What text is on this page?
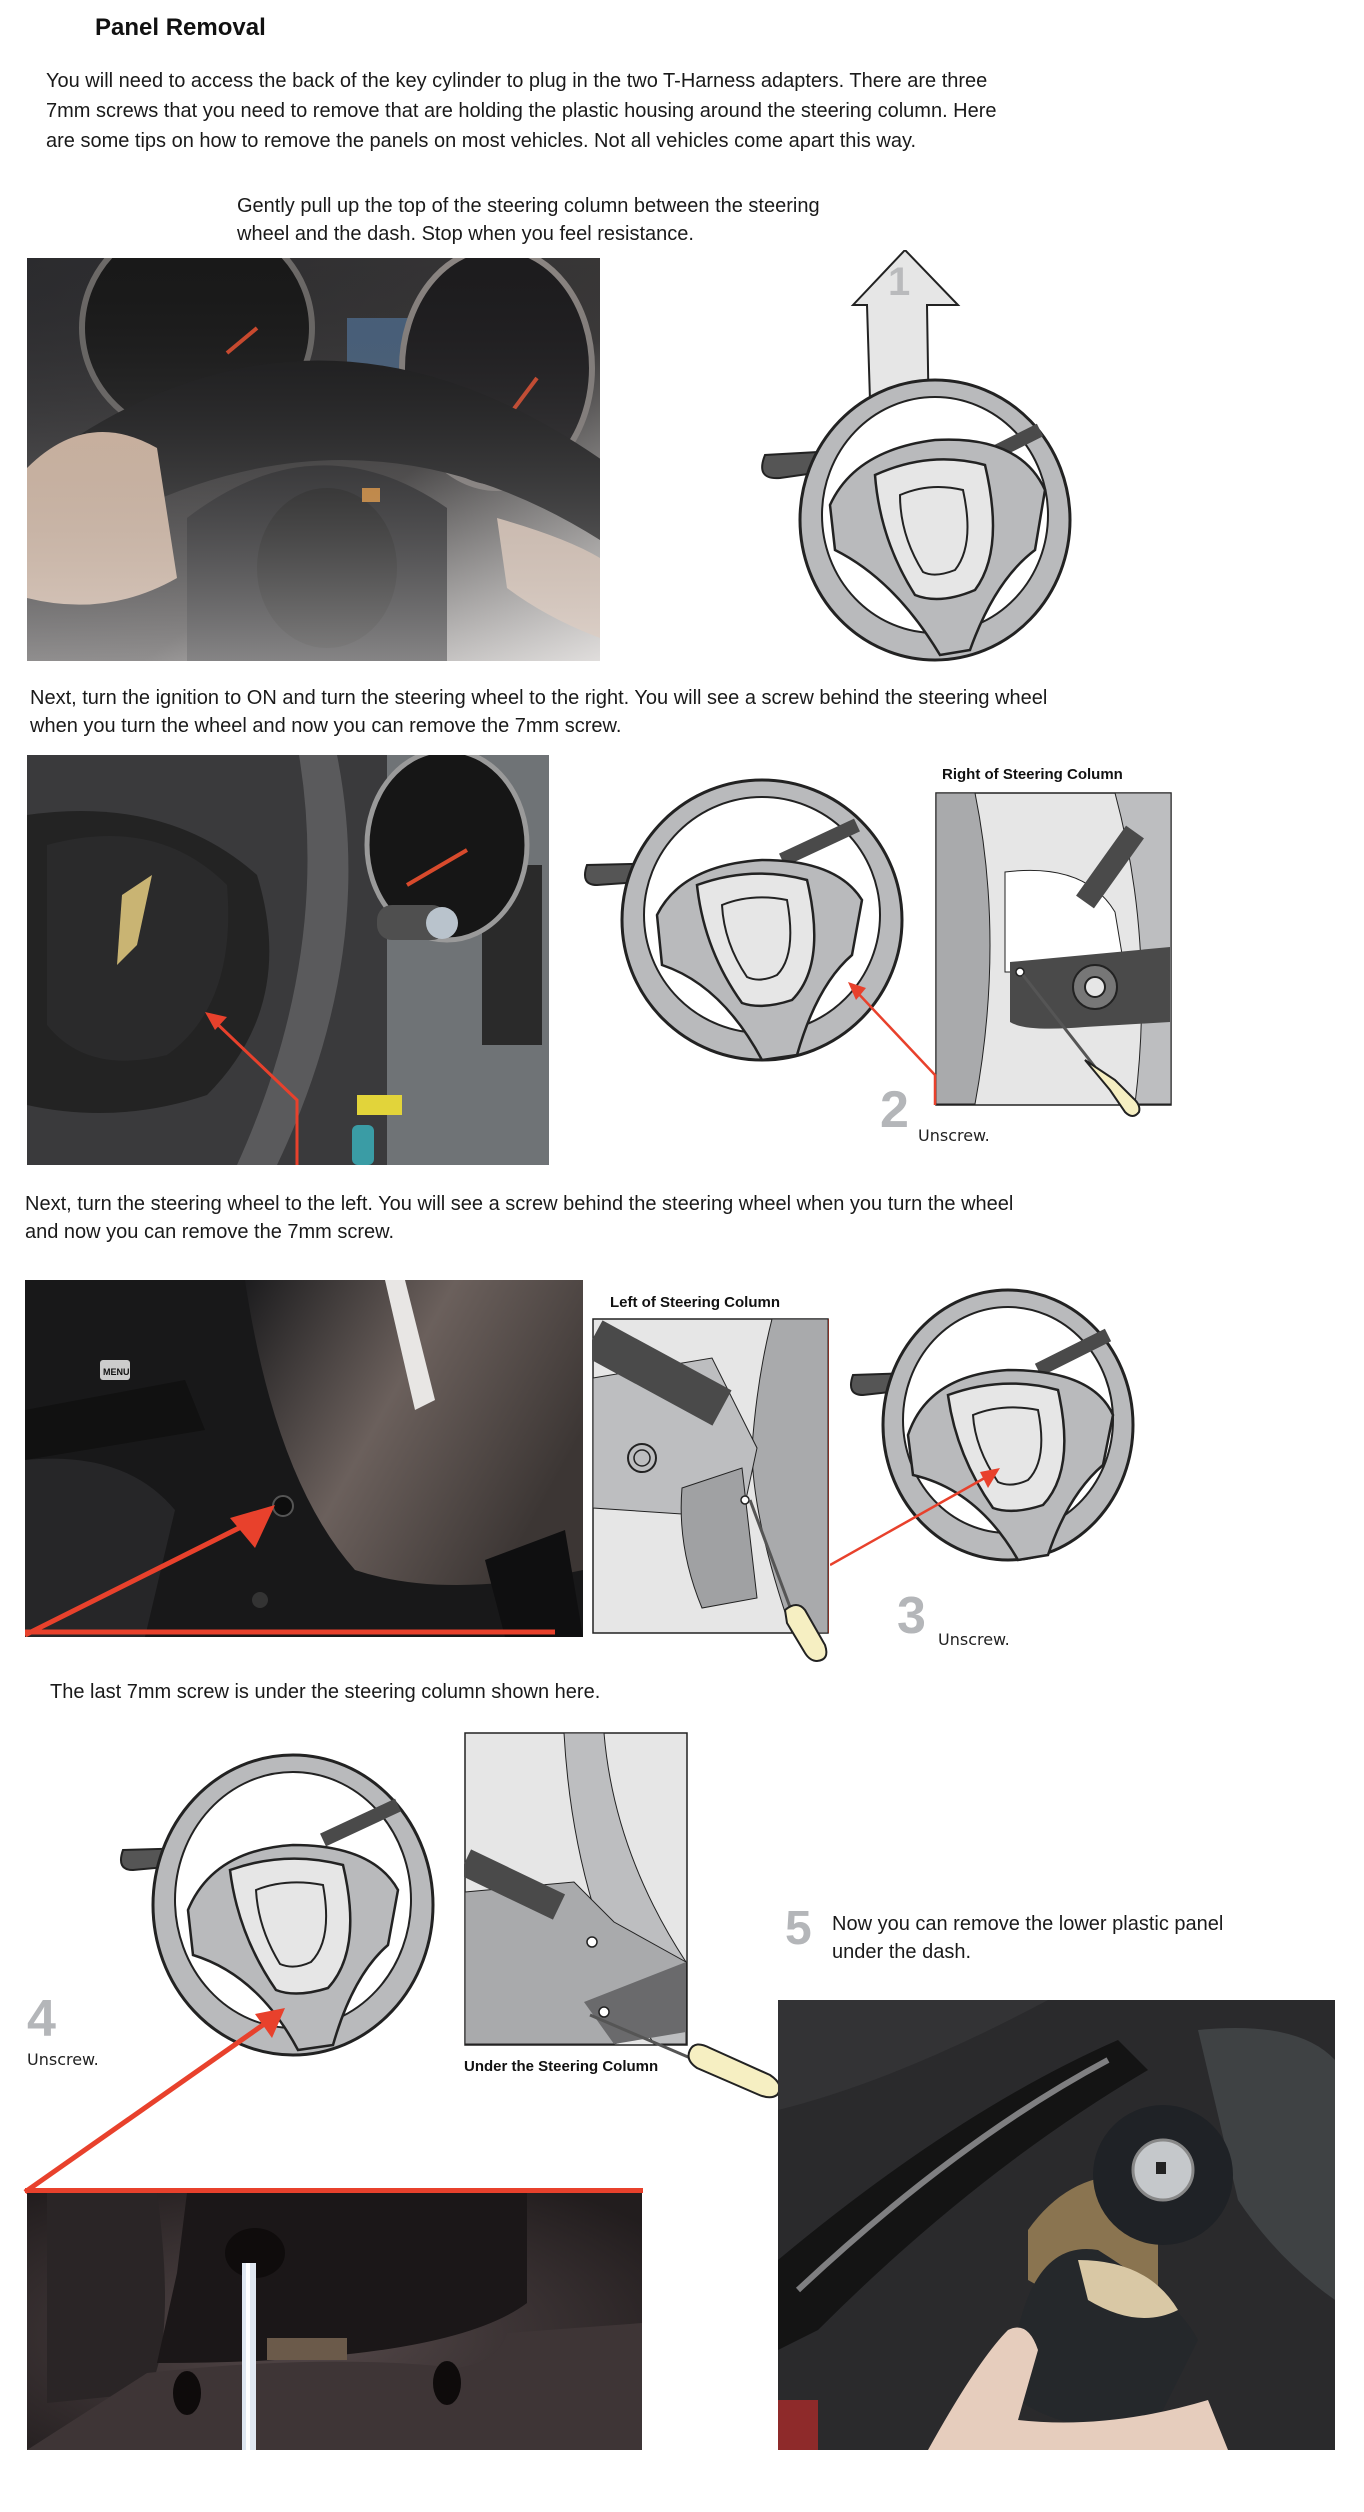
Panel Removal

You will need to access the back of the key cylinder to plug in the two T-Harness adapters. There are three

7mm screws that you need to remove that are holding the plastic housing around the steering column. Here

are some tips on how to remove the panels on most vehicles. Not all vehicles come apart this way.

Gently pull up the top of the steering column between the steering

wheel and the dash. Stop when you feel resistance.

1

Next, turn the ignition to ON and turn the steering wheel to the right. You will see a screw behind the steering wheel

when you turn the wheel and now you can remove the 7mm screw.

Right of Steering Column
2 Unscrew.

Next, turn the steering wheel to the left. You will see a screw behind the steering wheel when you turn the wheel

and now you can remove the 7mm screw.

MENU
Left of Steering Column
3 Unscrew.
The last 7mm screw is under the steering column shown here.
Under the Steering Column
4
Unscrew.
5 Now you can remove the lower plastic panel

under the dash.
